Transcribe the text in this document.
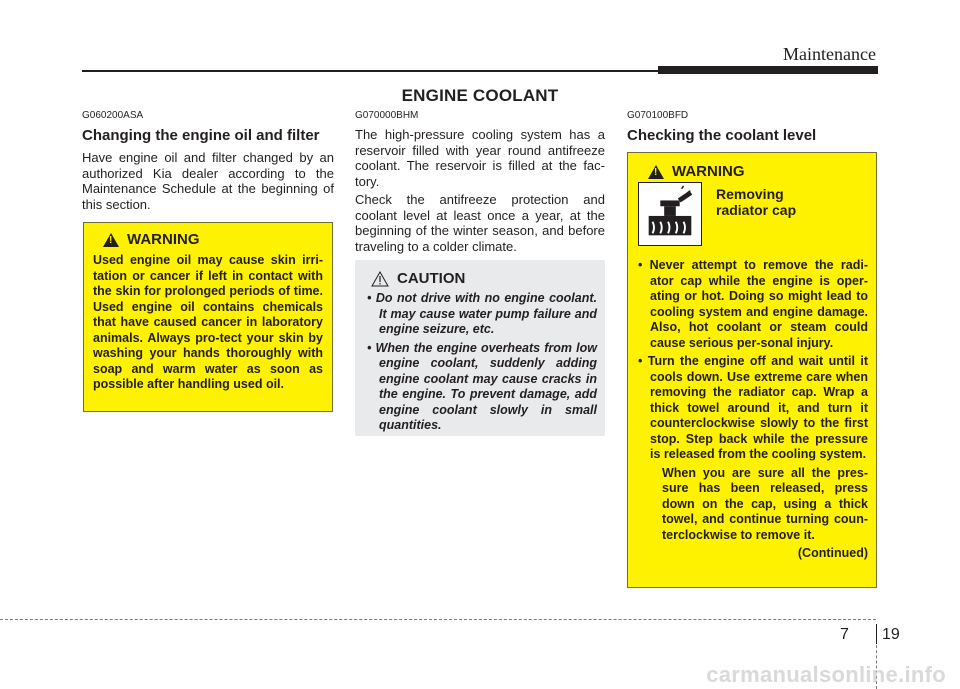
Maintenance
ENGINE COOLANT
G060200ASA
Changing the engine oil and filter
Have engine oil and filter changed by an authorized Kia dealer according to the Maintenance Schedule at the beginning of this section.
!
WARNING
Used engine oil may cause skin irri-tation or cancer if left in contact with the skin for prolonged periods of time. Used engine oil contains chemicals that have caused cancer in laboratory animals. Always pro-tect your skin by washing your hands thoroughly with soap and warm water as soon as possible after handling used oil.
G070000BHM

The high-pressure cooling system has a reservoir filled with year round antifreeze coolant. The reservoir is filled at the fac-tory.

Check the antifreeze protection and coolant level at least once a year, at the beginning of the winter season, and before traveling to a colder climate.

CAUTION
• Do not drive with no engine coolant. It may cause water pump failure and engine seizure, etc.
• When the engine overheats from low engine coolant, suddenly adding engine coolant may cause cracks in the engine. To prevent damage, add engine coolant slowly in small quantities.
G070100BFD
Checking the coolant level
!
WARNING
Removing radiator cap
• Never attempt to remove the radi-ator cap while the engine is oper-ating or hot. Doing so might lead to cooling system and engine damage. Also, hot coolant or steam could cause serious per-sonal injury.
• Turn the engine off and wait until it cools down. Use extreme care when removing the radiator cap. Wrap a thick towel around it, and turn it counterclockwise slowly to the first stop. Step back while the pressure is released from the cooling system.
When you are sure all the pres-sure has been released, press down on the cap, using a thick towel, and continue turning coun-terclockwise to remove it.
(Continued)
7 19
carmanualsonline.info
